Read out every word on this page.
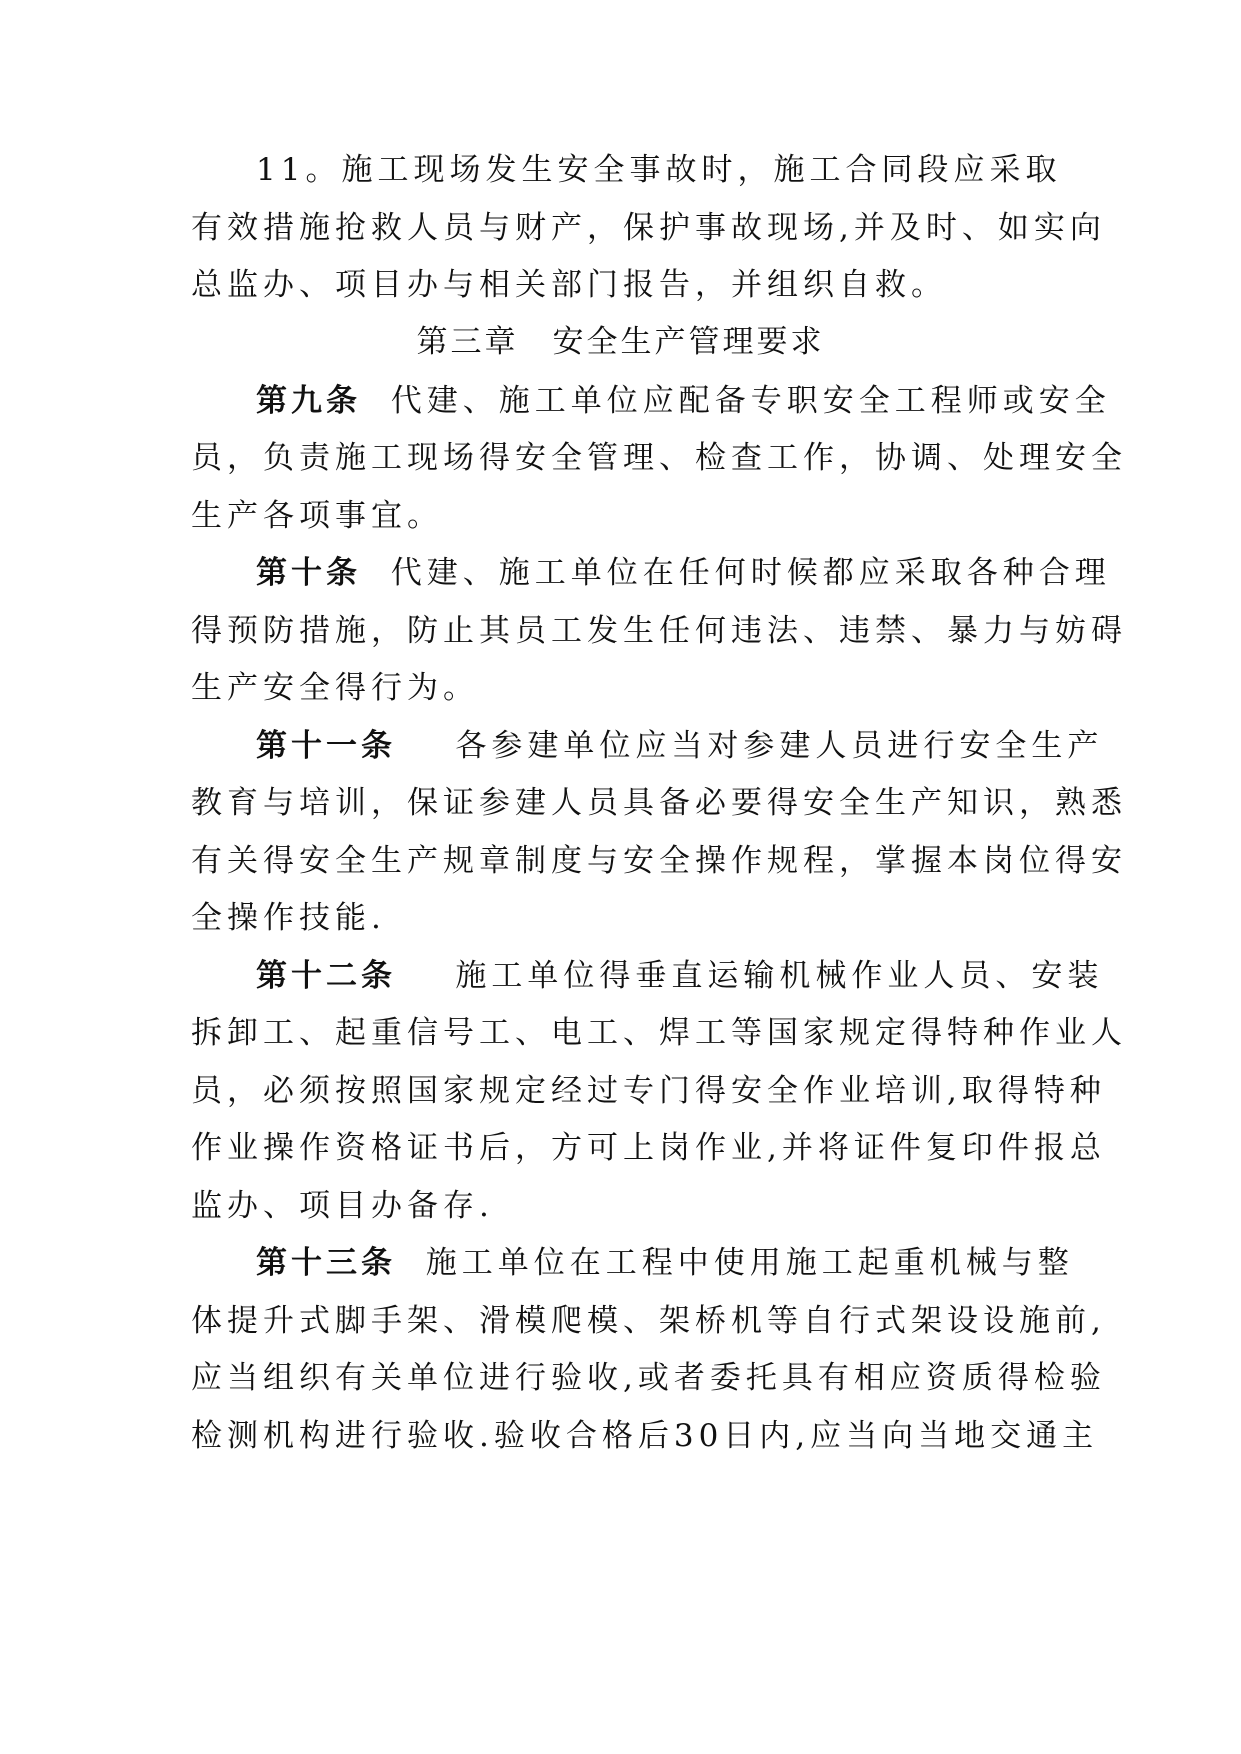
11。施工现场发生安全事故时，施工合同段应采取
有效措施抢救人员与财产，保护事故现场,并及时、如实向
总监办、项目办与相关部门报告，并组织自救。
第三章　安全生产管理要求
第九条  代建、施工单位应配备专职安全工程师或安全
员，负责施工现场得安全管理、检查工作，协调、处理安全
生产各项事宜。
第十条  代建、施工单位在任何时候都应采取各种合理
得预防措施，防止其员工发生任何违法、违禁、暴力与妨碍
生产安全得行为。
第十一条    各参建单位应当对参建人员进行安全生产
教育与培训，保证参建人员具备必要得安全生产知识，熟悉
有关得安全生产规章制度与安全操作规程，掌握本岗位得安
全操作技能.
第十二条    施工单位得垂直运输机械作业人员、安装
拆卸工、起重信号工、电工、焊工等国家规定得特种作业人
员，必须按照国家规定经过专门得安全作业培训,取得特种
作业操作资格证书后，方可上岗作业,并将证件复印件报总
监办、项目办备存.
第十三条  施工单位在工程中使用施工起重机械与整
体提升式脚手架、滑模爬模、架桥机等自行式架设设施前,
应当组织有关单位进行验收,或者委托具有相应资质得检验
检测机构进行验收.验收合格后30日内,应当向当地交通主
